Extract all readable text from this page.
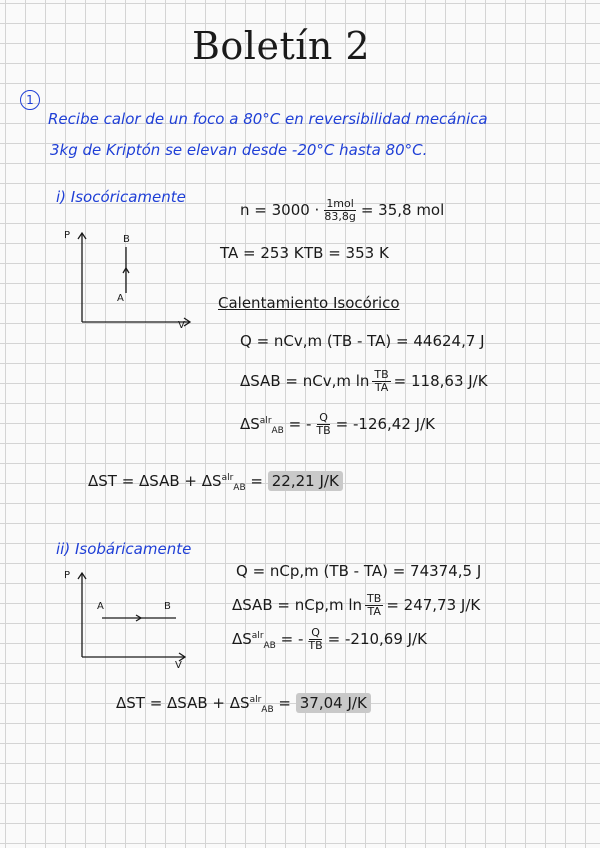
Boletín 2
1
Recibe calor de un foco a 80°C en reversibilidad mecánica
3kg de Kriptón se elevan desde -20°C hasta 80°C.
i) Isocóricamente
P
V
B
A
$n = 3000 \cdot \frac{\text{1mol}}{83,8g} = 35,8$ mol
TA = 253 K TB = 353 K
Calentamiento Isocórico
Q = nCv,m (TB - TA) = 44624,7 J
ΔSAB = nCv,m $\ln \frac{TB}{TA} = 118,63$ J/K
$\Delta S^{alr}_{AB}$ = - $\frac{Q}{TB} = -126,42$ J/K
$\Delta ST = \Delta SAB + \Delta S^{alr}_{AB} = 22,21$ J/K
ii) Isobáricamente
P
V
A	B
Q = nCp,m (TB - TA) = 74374,5 J
ΔSAB = nCp,m $\ln \frac{TB}{TA} = 247,73$ J/K
$\Delta S^{alr}_{AB}$ = - $\frac{Q}{TB} = -210,69$ J/K
$\Delta ST = \Delta SAB + \Delta S^{alr}_{AB} = 37,04$ J/K
